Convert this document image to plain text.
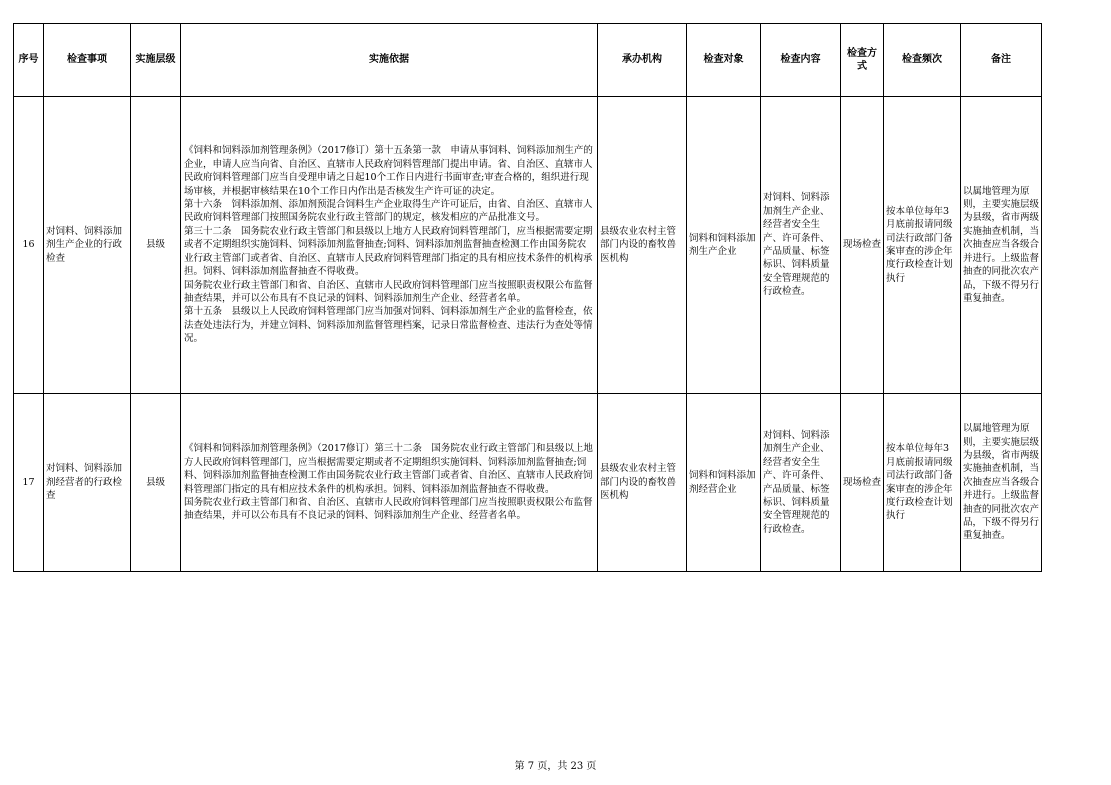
序号	检查事项	实施层级	实施依据	承办机构	检查对象	检查内容	检查方式	检查频次	备注
16	对饲料、饲料添加剂生产企业的行政检查	县级	《饲料和饲料添加剂管理条例》（2017修订）第十五条第一款　申请从事饲料、饲料添加剂生产的企业，申请人应当向省、自治区、直辖市人民政府饲料管理部门提出申请。省、自治区、直辖市人民政府饲料管理部门应当自受理申请之日起10个工作日内进行书面审查;审查合格的，组织进行现场审核，并根据审核结果在10个工作日内作出是否核发生产许可证的决定。
第十六条　饲料添加剂、添加剂预混合饲料生产企业取得生产许可证后，由省、自治区、直辖市人民政府饲料管理部门按照国务院农业行政主管部门的规定，核发相应的产品批准文号。
第三十二条　国务院农业行政主管部门和县级以上地方人民政府饲料管理部门，应当根据需要定期或者不定期组织实施饲料、饲料添加剂监督抽查;饲料、饲料添加剂监督抽查检测工作由国务院农业行政主管部门或者省、自治区、直辖市人民政府饲料管理部门指定的具有相应技术条件的机构承担。饲料、饲料添加剂监督抽查不得收费。
国务院农业行政主管部门和省、自治区、直辖市人民政府饲料管理部门应当按照职责权限公布监督抽查结果，并可以公布具有不良记录的饲料、饲料添加剂生产企业、经营者名单。
第十五条　县级以上人民政府饲料管理部门应当加强对饲料、饲料添加剂生产企业的监督检查，依法查处违法行为，并建立饲料、饲料添加剂监督管理档案，记录日常监督检查、违法行为查处等情况。	县级农业农村主管部门内设的畜牧兽医机构	饲料和饲料添加剂生产企业	对饲料、饲料添加剂生产企业、经营者安全生产、许可条件、产品质量、标签标识、饲料质量安全管理规范的行政检查。	现场检查	按本单位每年3月底前报请同级司法行政部门备案审查的涉企年度行政检查计划执行	以属地管理为原则，主要实施层级为县级，省市两级实施抽查机制，当次抽查应当各级合并进行。上级监督抽查的同批次农产品，下级不得另行重复抽查。
17	对饲料、饲料添加剂经营者的行政检查	县级	《饲料和饲料添加剂管理条例》（2017修订）第三十二条　国务院农业行政主管部门和县级以上地方人民政府饲料管理部门，应当根据需要定期或者不定期组织实施饲料、饲料添加剂监督抽查;饲料、饲料添加剂监督抽查检测工作由国务院农业行政主管部门或者省、自治区、直辖市人民政府饲料管理部门指定的具有相应技术条件的机构承担。饲料、饲料添加剂监督抽查不得收费。
国务院农业行政主管部门和省、自治区、直辖市人民政府饲料管理部门应当按照职责权限公布监督抽查结果，并可以公布具有不良记录的饲料、饲料添加剂生产企业、经营者名单。	县级农业农村主管部门内设的畜牧兽医机构	饲料和饲料添加剂经营企业	对饲料、饲料添加剂生产企业、经营者安全生产、许可条件、产品质量、标签标识、饲料质量安全管理规范的行政检查。	现场检查	按本单位每年3月底前报请同级司法行政部门备案审查的涉企年度行政检查计划执行	以属地管理为原则，主要实施层级为县级，省市两级实施抽查机制，当次抽查应当各级合并进行。上级监督抽查的同批次农产品，下级不得另行重复抽查。
第 7 页，共 23 页
